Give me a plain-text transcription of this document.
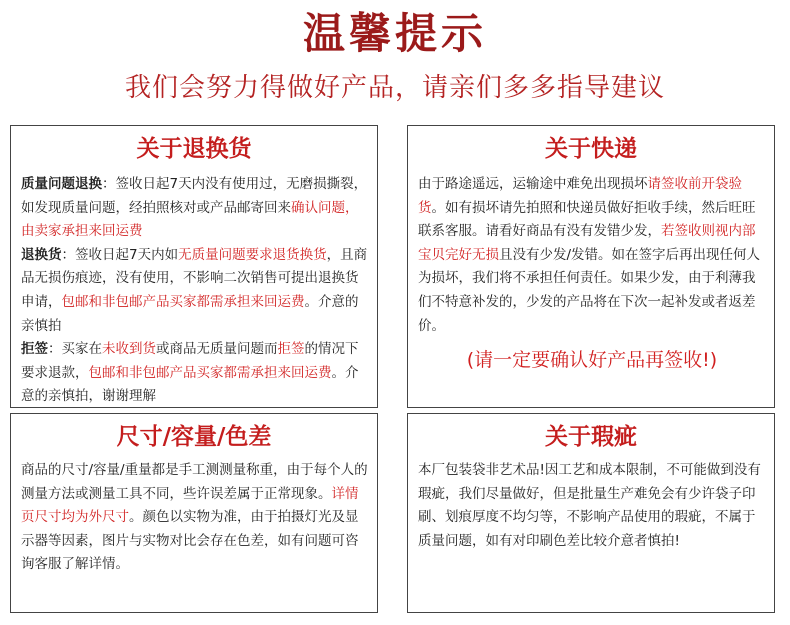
温馨提示
我们会努力得做好产品，请亲们多多指导建议
关于退换货
质量问题退换：签收日起7天内没有使用过，无磨损撕裂，如发现质量问题，经拍照核对或产品邮寄回来确认问题，由卖家承担来回运费
退换货：签收日起7天内如无质量问题要求退货换货，且商品无损伤痕迹，没有使用，不影响二次销售可提出退换货申请，包邮和非包邮产品买家都需承担来回运费。介意的亲慎拍
拒签：买家在未收到货或商品无质量问题而拒签的情况下要求退款，包邮和非包邮产品买家都需承担来回运费。介意的亲慎拍，谢谢理解
关于快递
由于路途遥远，运输途中难免出现损坏请签收前开袋验货。如有损坏请先拍照和快递员做好拒收手续，然后旺旺联系客服。请看好商品有没有发错少发，若签收则视内部宝贝完好无损且没有少发/发错。如在签字后再出现任何人为损坏，我们将不承担任何责任。如果少发，由于利薄我们不特意补发的，少发的产品将在下次一起补发或者返差价。
(请一定要确认好产品再签收!)
尺寸/容量/色差
商品的尺寸/容量/重量都是手工测测量称重，由于每个人的测量方法或测量工具不同，些许误差属于正常现象。详情页尺寸均为外尺寸。颜色以实物为准，由于拍摄灯光及显示器等因素，图片与实物对比会存在色差，如有问题可咨询客服了解详情。
关于瑕疵
本厂包装袋非艺术品!因工艺和成本限制，不可能做到没有瑕疵，我们尽量做好，但是批量生产难免会有少许袋子印刷、划痕厚度不均匀等，不影响产品使用的瑕疵，不属于质量问题，如有对印刷色差比较介意者慎拍!
